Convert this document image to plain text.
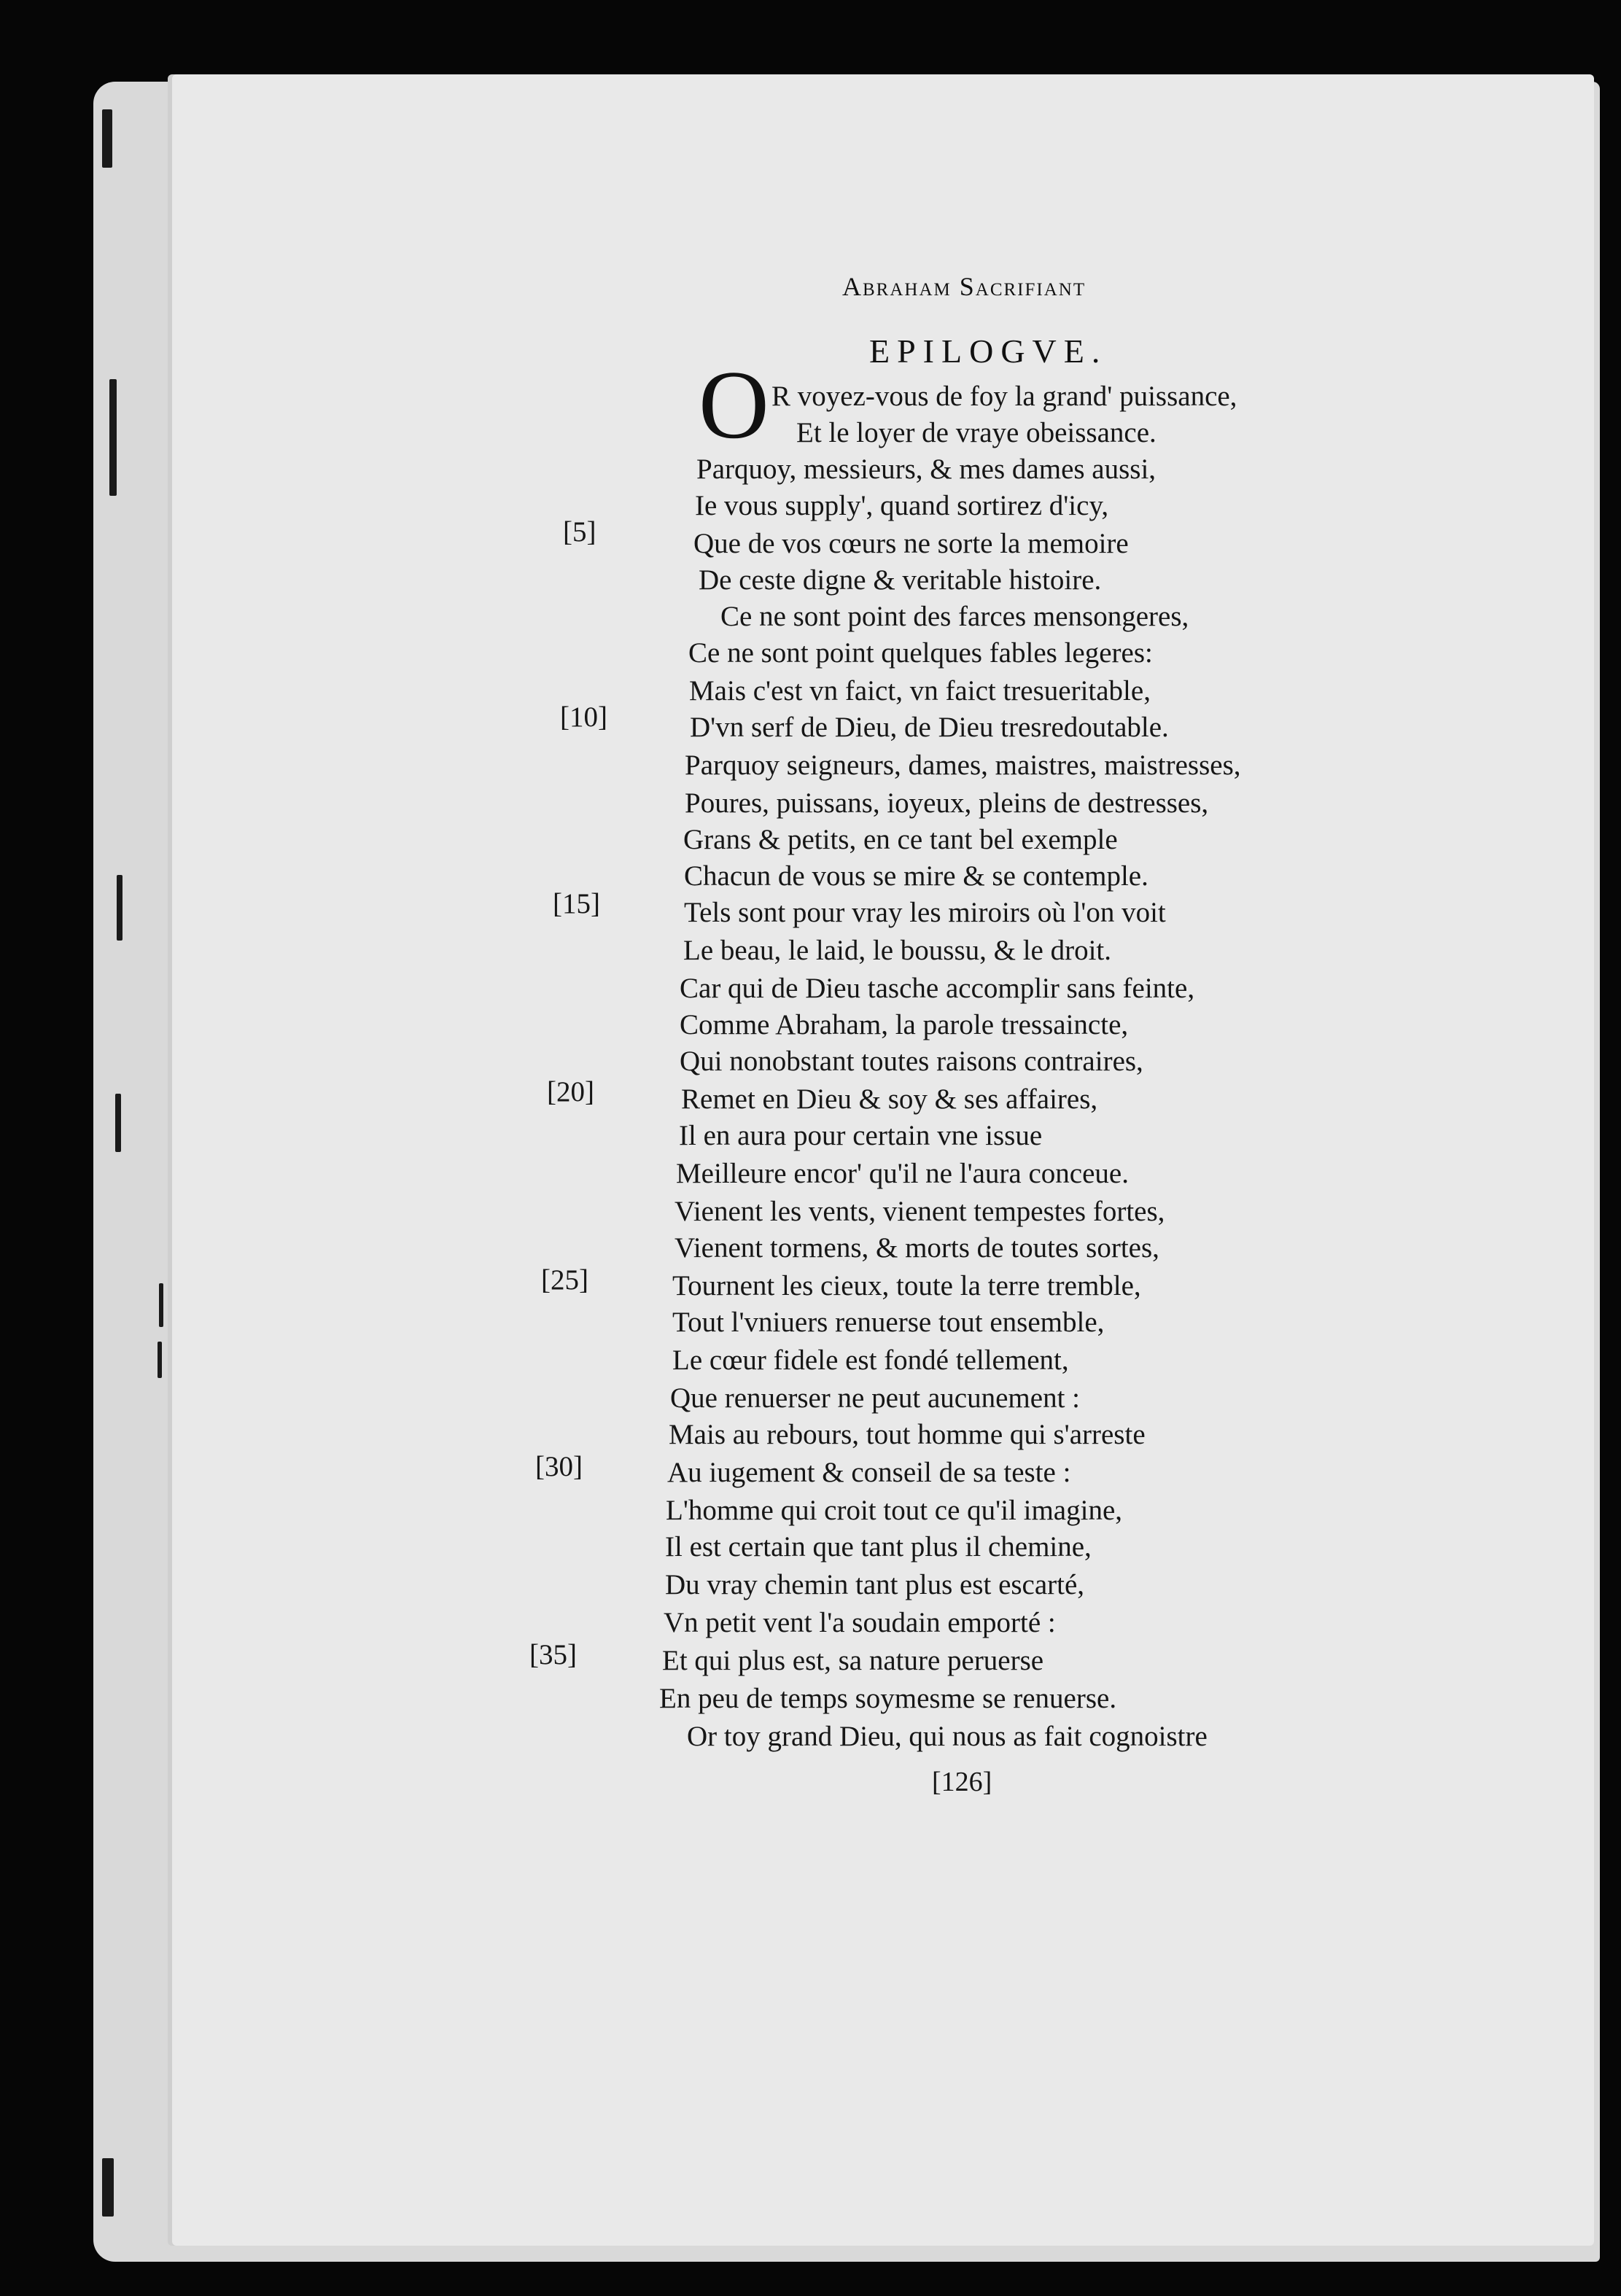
Abraham Sacrifiant
EPILOGVE.
O R voyez-vous de foy la grand' puissance,
Et le loyer de vraye obeissance.
Parquoy, messieurs, & mes dames aussi,
Ie vous supply', quand sortirez d'icy,
Que de vos cœurs ne sorte la memoire
De ceste digne & veritable histoire.
Ce ne sont point des farces mensongeres,
Ce ne sont point quelques fables legeres:
Mais c'est vn faict, vn faict tresueritable,
D'vn serf de Dieu, de Dieu tresredoutable.
Parquoy seigneurs, dames, maistres, maistresses,
Poures, puissans, ioyeux, pleins de destresses,
Grans & petits, en ce tant bel exemple
Chacun de vous se mire & se contemple.
Tels sont pour vray les miroirs où l'on voit
Le beau, le laid, le boussu, & le droit.
Car qui de Dieu tasche accomplir sans feinte,
Comme Abraham, la parole tressaincte,
Qui nonobstant toutes raisons contraires,
Remet en Dieu & soy & ses affaires,
Il en aura pour certain vne issue
Meilleure encor' qu'il ne l'aura conceue.
Vienent les vents, vienent tempestes fortes,
Vienent tormens, & morts de toutes sortes,
Tournent les cieux, toute la terre tremble,
Tout l'vniuers renuerse tout ensemble,
Le cœur fidele est fondé tellement,
Que renuerser ne peut aucunement :
Mais au rebours, tout homme qui s'arreste
Au iugement & conseil de sa teste :
L'homme qui croit tout ce qu'il imagine,
Il est certain que tant plus il chemine,
Du vray chemin tant plus est escarté,
Vn petit vent l'a soudain emporté :
Et qui plus est, sa nature peruerse
En peu de temps soymesme se renuerse.
Or toy grand Dieu, qui nous as fait cognoistre
[5]
[10]
[15]
[20]
[25]
[30]
[35]
[126]
